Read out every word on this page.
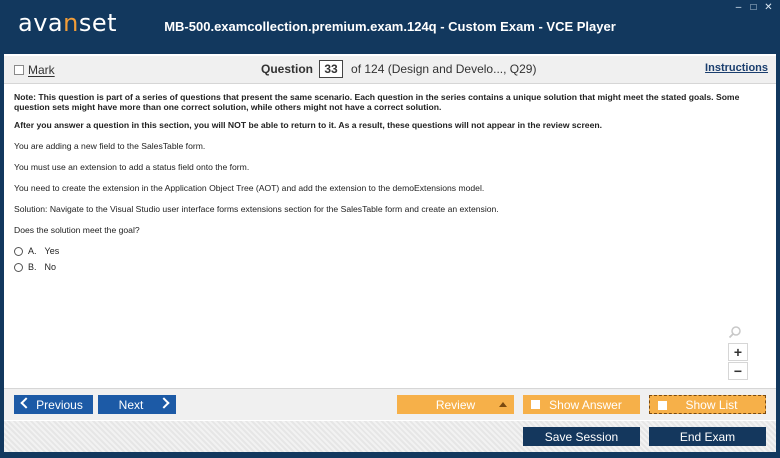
avanset	MB-500.examcollection.premium.exam.124q - Custom Exam - VCE Player
– □ ✕
Mark	Question 33	of 124 (Design and Develo..., Q29)	Instructions

Note: This question is part of a series of questions that present the same scenario. Each question in the series contains a unique solution that might meet the stated goals. Some question sets might have more than one correct solution, while others might not have a correct solution.

After you answer a question in this section, you will NOT be able to return to it. As a result, these questions will not appear in the review screen.

You are adding a new field to the SalesTable form.

You must use an extension to add a status field onto the form.

You need to create the extension in the Application Object Tree (AOT) and add the extension to the demoExtensions model.

Solution: Navigate to the Visual Studio user interface forms extensions section for the SalesTable form and create an extension.

Does the solution meet the goal?

A. Yes
B. No
+
−
Previous	Next	Review	Show Answer	Show List
Save Session	End Exam
